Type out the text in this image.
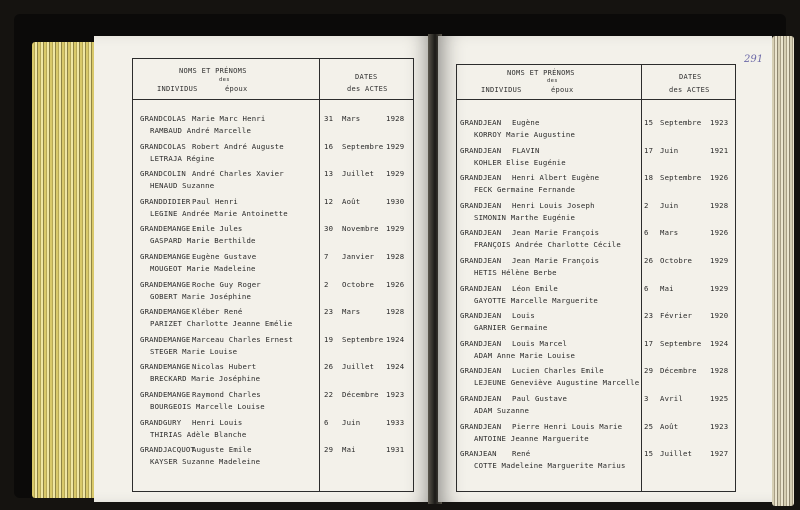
NOMS ET PRÉNOMS
des
INDIVIDUS	époux
DATES
des ACTES
GRANDCOLAS Marie Marc Henri
RAMBAUD André Marcelle
31 Mars	1928
GRANDCOLAS Robert André Auguste
LETRAJA Régine
16 Septembre 1929
GRANDCOLIN André Charles Xavier
HENAUD Suzanne
13 Juillet 1929
GRANDDIDIER Paul Henri
LEGINE Andrée Marie Antoinette
12 Août	1930
GRANDEMANGE Emile Jules
GASPARD Marie Berthilde
30 Novembre 1929
GRANDEMANGE Eugène Gustave
MOUGEOT Marie Madeleine
7 Janvier 1928
GRANDEMANGE Roche Guy Roger
GOBERT Marie Joséphine
2 Octobre 1926
GRANDEMANGE Kléber René
PARIZET Charlotte Jeanne Emélie
23 Mars	1928
GRANDEMANGE Marceau Charles Ernest
STEGER Marie Louise
19 Septembre 1924
GRANDEMANGE Nicolas Hubert
BRECKARD Marie Joséphine
26 Juillet 1924
GRANDEMANGE Raymond Charles
BOURGEOIS Marcelle Louise
22 Décembre 1923
GRANDGURY Henri Louis
THIRIAS Adèle Blanche
6 Juin	1933
GRANDJACQUOT
Auguste Emile
KAYSER Suzanne Madeleine
29 Mai	1931
291
NOMS ET PRÉNOMS
des
INDIVIDUS	époux
DATES
des ACTES
GRANDJEAN Eugène
KORROY Marie Augustine
15 Septembre 1923
GRANDJEAN FLAVIN
KOHLER Elise Eugénie
17 Juin	1921
GRANDJEAN Henri Albert Eugène
FECK Germaine Fernande
18 Septembre 1926
GRANDJEAN Henri Louis Joseph
SIMONIN Marthe Eugénie
2 Juin	1928
GRANDJEAN Jean Marie François
FRANÇOIS Andrée Charlotte Cécile
6 Mars	1926
GRANDJEAN Jean Marie François
HETIS Hélène Berbe
26 Octobre 1929
GRANDJEAN Léon Emile
GAYOTTE Marcelle Marguerite
6 Mai	1929
GRANDJEAN Louis
GARNIER Germaine
23 Février 1920
GRANDJEAN Louis Marcel
ADAM Anne Marie Louise
17 Septembre 1924
GRANDJEAN Lucien Charles Emile
LEJEUNE Geneviève Augustine Marcelle
29 Décembre 1928
GRANDJEAN Paul Gustave
ADAM Suzanne
3 Avril	1925
GRANDJEAN Pierre Henri Louis Marie
ANTOINE Jeanne Marguerite
25 Août	1923
GRANJEAN René
COTTE Madeleine Marguerite Marius
15 Juillet 1927
